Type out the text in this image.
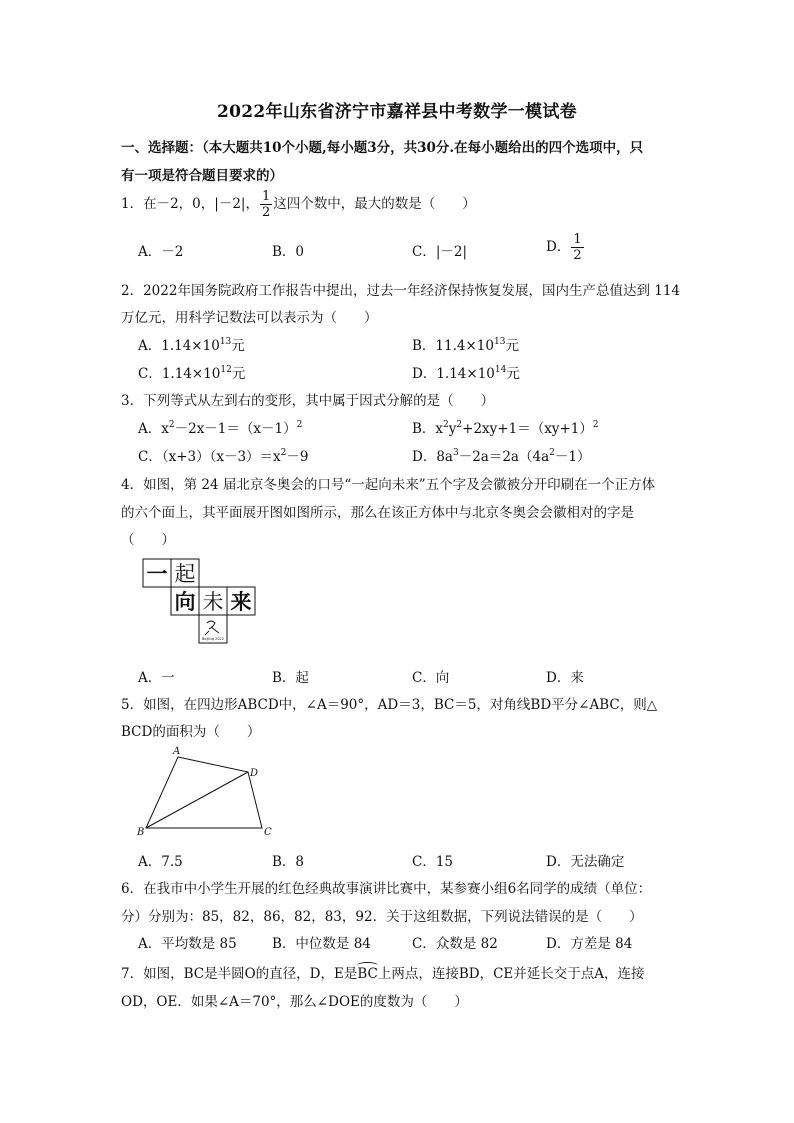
2022年山东省济宁市嘉祥县中考数学一模试卷
一、选择题：（本大题共10个小题,每小题3分，共30分.在每小题给出的四个选项中，只
有一项是符合题目要求的）
1．在－2，0，|－2|， $\frac{1}{2}$ 这四个数中，最大的数是（　　）
A．－2	B．0	C．|－2|	D． $\frac{1}{2}$
2．2022年国务院政府工作报告中提出，过去一年经济保持恢复发展，国内生产总值达到 114
万亿元，用科学记数法可以表示为（　　）
A．$1.14\times 10^{13}$元	B．$11.4\times 10^{13}$元
C．$1.14\times 10^{12}$元	D．$1.14\times 10^{14}$元
3．下列等式从左到右的变形，其中属于因式分解的是（　　）
A．$x^2-2x-1=(x-1)^2$	B．$x^2y^2+2xy+1=(xy+1)^2$
C．$(x+3)(x-3)=x^2-9$	D．$8a^3-2a=2a(4a^2-1)$
4．如图，第 24 届北京冬奥会的口号“一起向未来”五个字及会徽被分开印刷在一个正方体
的六个面上，其平面展开图如图所示，那么在该正方体中与北京冬奥会会徽相对的字是
（　　）
一 起
向 未 来
Beijing 2022
A．一	B．起	C．向	D．来
5．如图，在四边形ABCD中，∠A＝90°，AD＝3，BC＝5，对角线BD平分∠ABC，则△
BCD的面积为（　　）
A
D
B	C
A．7.5	B．8	C．15	D．无法确定
6．在我市中小学生开展的红色经典故事演讲比赛中，某参赛小组6名同学的成绩（单位：
分）分别为：85，82，86，82，83，92．关于这组数据，下列说法错误的是（　　）
A．平均数是 85	B．中位数是 84	C．众数是 82	D．方差是 84
7．如图，BC是半圆O的直径，D，E是BC上两点，连接BD，CE并延长交于点A，连接
OD，OE．如果∠A＝70°，那么∠DOE的度数为（　　）
